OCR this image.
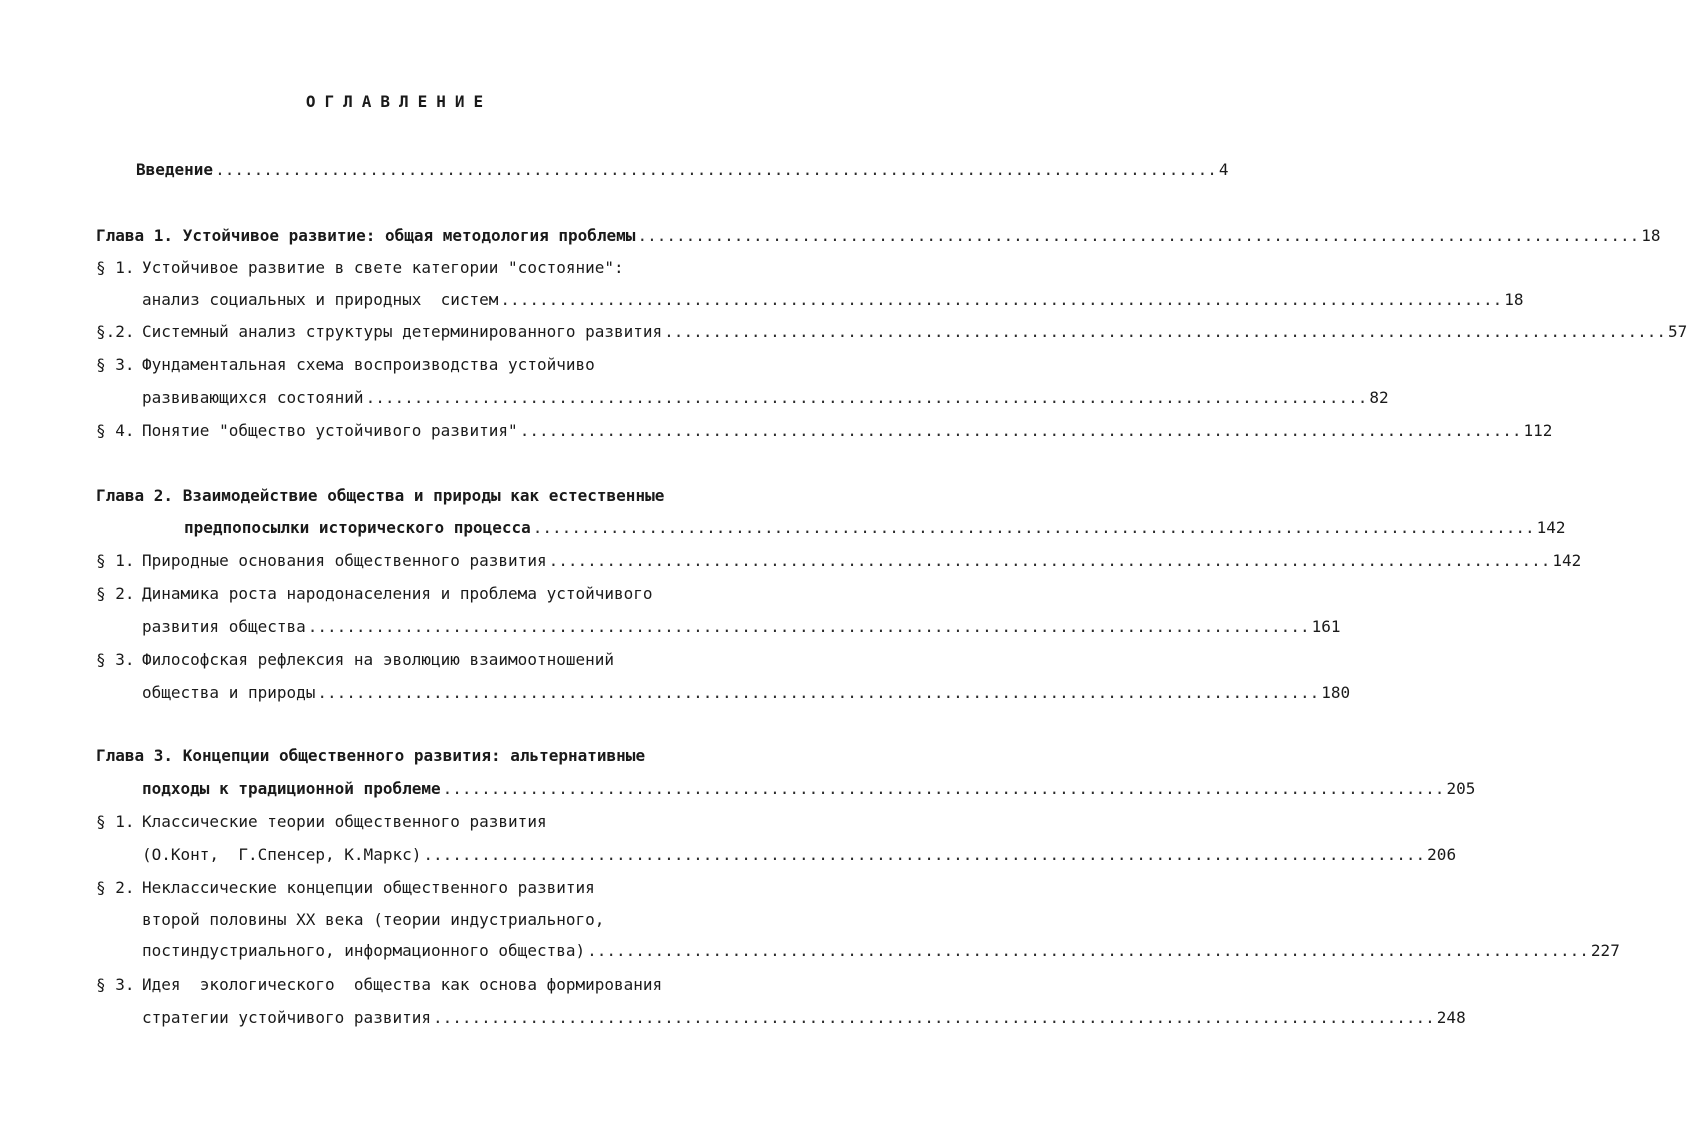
ОГЛАВЛЕНИЕ
Введение ........................................................................................................ 4
Глава 1. Устойчивое развитие: общая методология проблемы ........................................................................................................ 18
§ 1. Устойчивое развитие в свете категории "состояние":
анализ социальных и природных  систем ........................................................................................................ 18
§.2. Системный анализ структуры детерминированного развития ........................................................................................................ 57
§ 3. Фундаментальная схема воспроизводства устойчиво
развивающихся состояний ........................................................................................................ 82
§ 4. Понятие "общество устойчивого развития" ........................................................................................................ 112
Глава 2. Взаимодействие общества и природы как естественные
предпопосылки исторического процесса ........................................................................................................ 142
§ 1. Природные основания общественного развития ........................................................................................................ 142
§ 2. Динамика роста народонаселения и проблема устойчивого
развития общества ........................................................................................................ 161
§ 3. Философская рефлексия на эволюцию взаимоотношений
общества и природы ........................................................................................................ 180
Глава 3. Концепции общественного развития: альтернативные
подходы к традиционной проблеме ........................................................................................................ 205
§ 1. Классические теории общественного развития
(О.Конт,  Г.Спенсер, К.Маркс) ........................................................................................................ 206
§ 2. Неклассические концепции общественного развития
второй половины XX века (теории индустриального,
постиндустриального, информационного общества) ........................................................................................................ 227
§ 3. Идея  экологического  общества как основа формирования
стратегии устойчивого развития ........................................................................................................ 248
